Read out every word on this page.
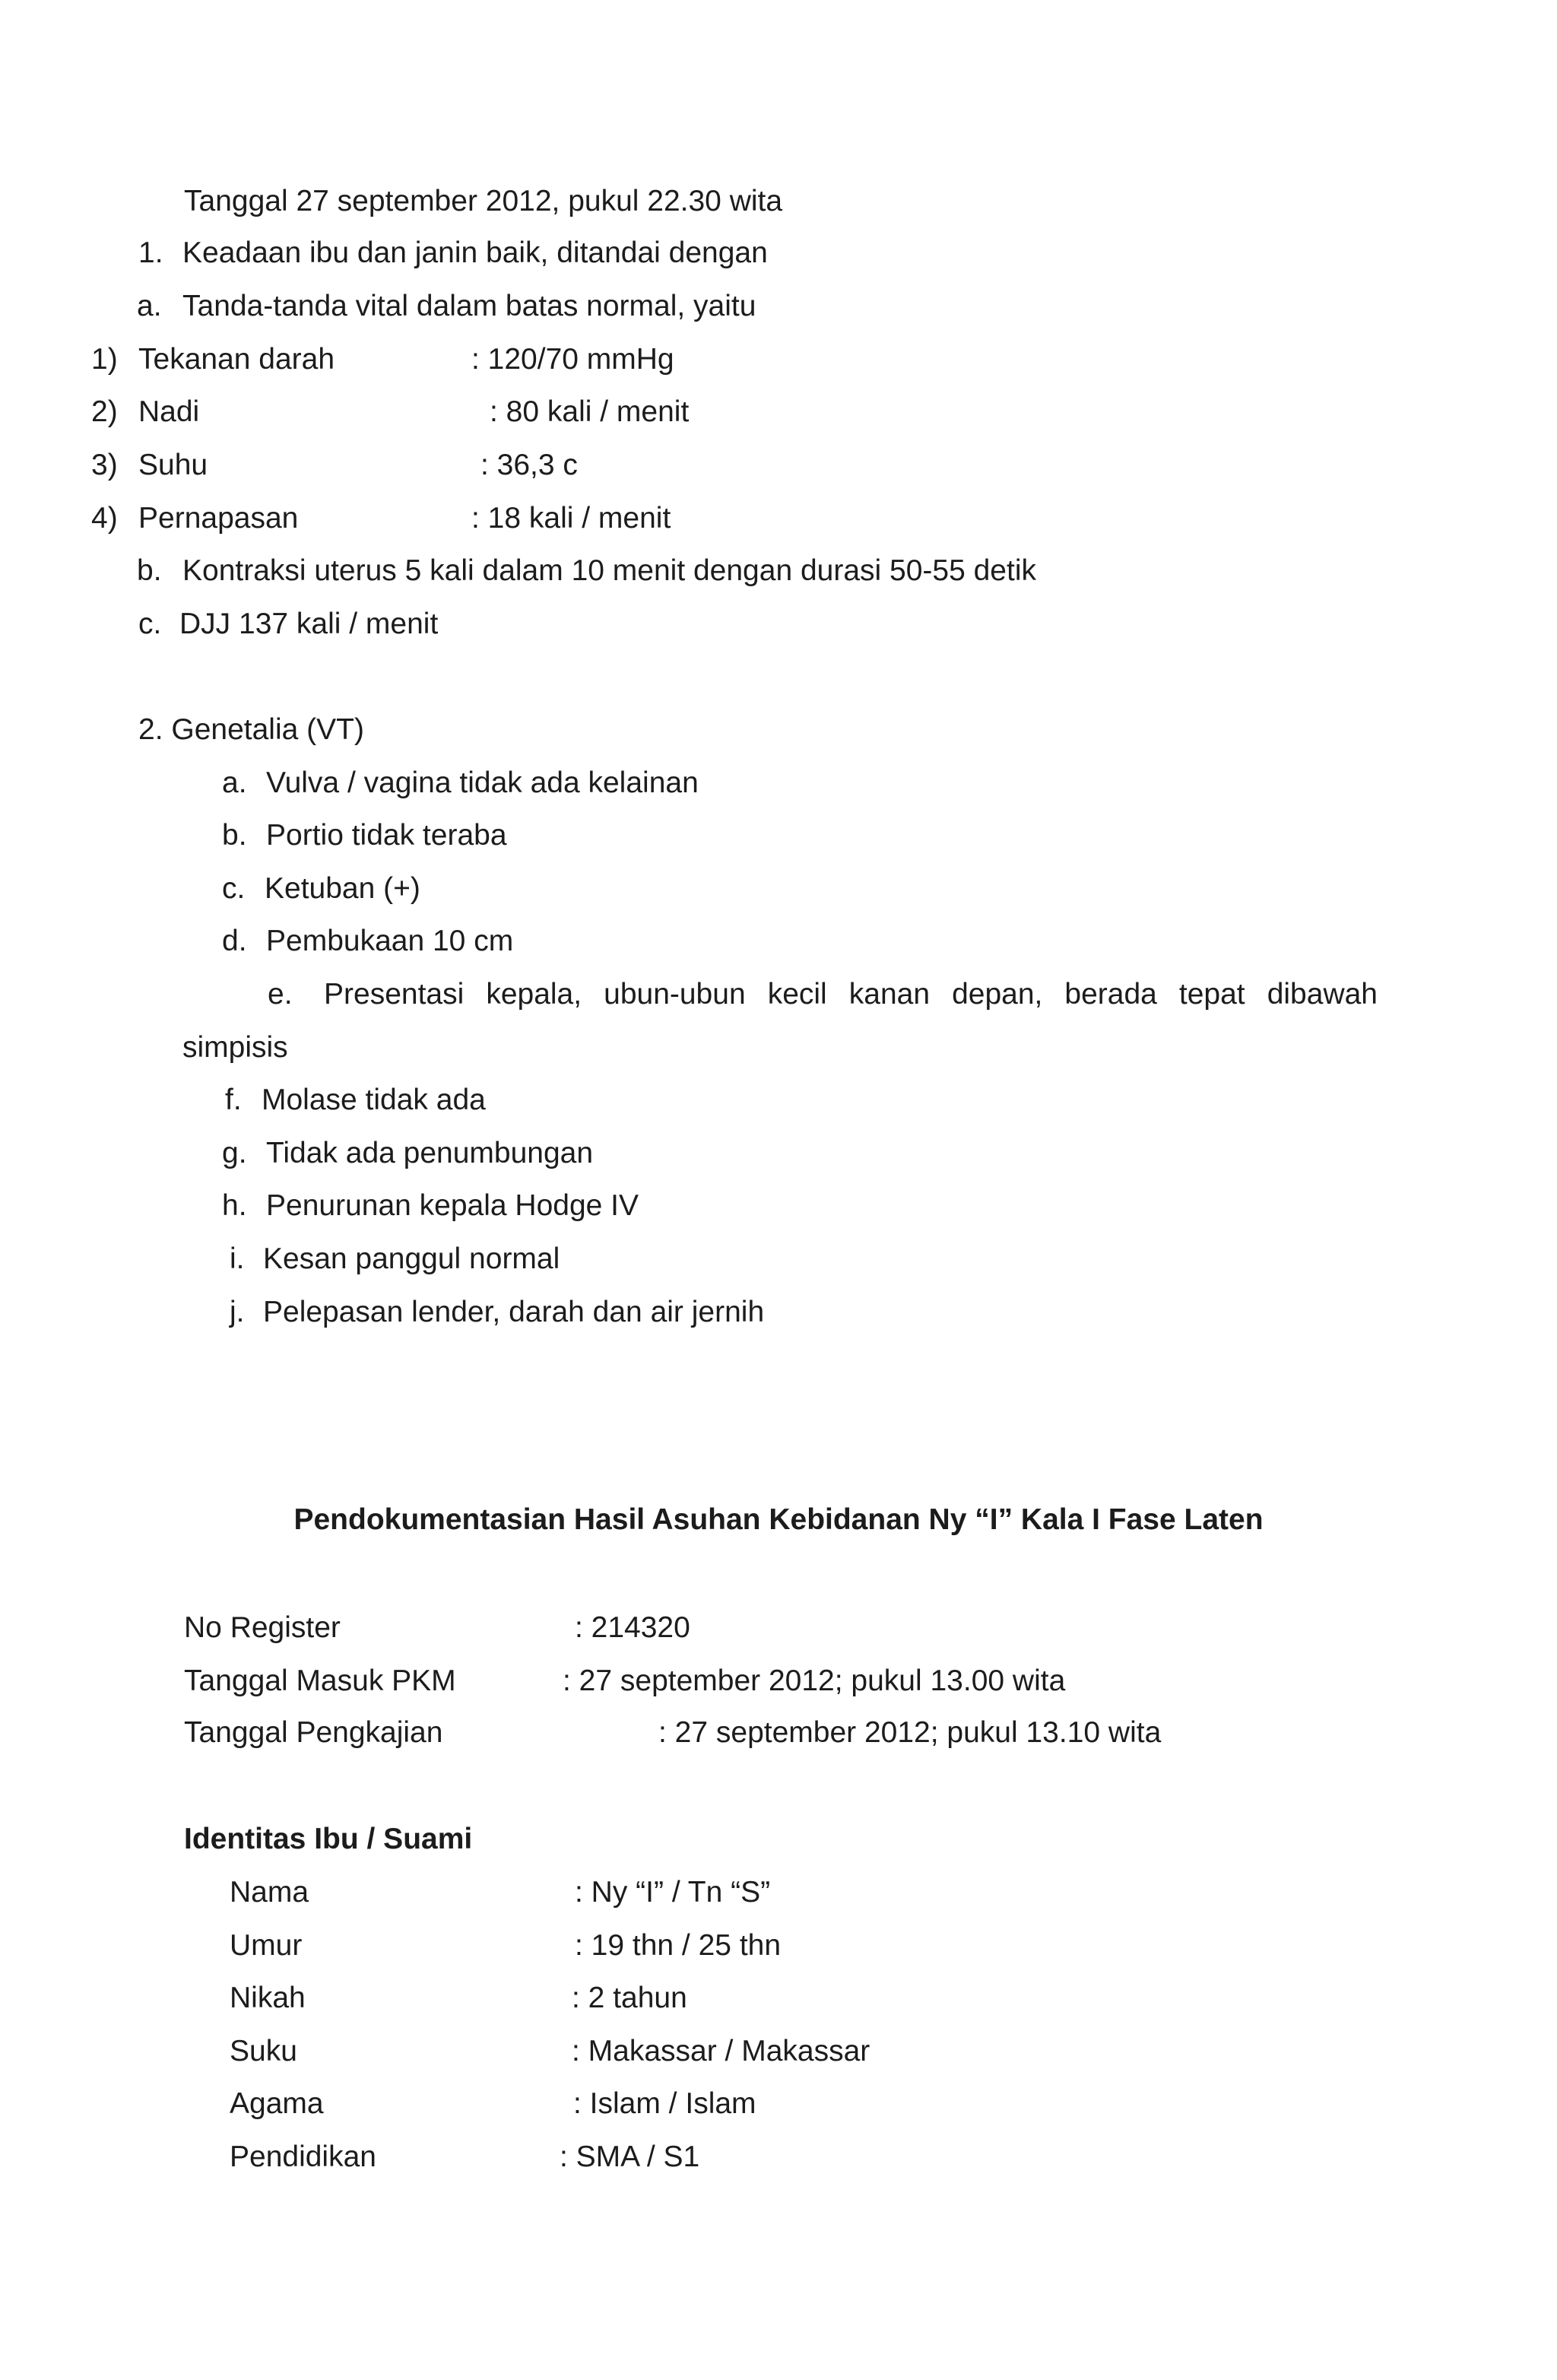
Tanggal 27 september 2012, pukul 22.30 wita
1. Keadaan ibu dan janin baik, ditandai dengan
a. Tanda-tanda vital dalam batas normal, yaitu
1) Tekanan darah	: 120/70 mmHg
2) Nadi	: 80 kali / menit
3) Suhu	: 36,3 c
4) Pernapasan	: 18 kali / menit
b. Kontraksi uterus 5 kali dalam 10 menit dengan durasi 50-55 detik
c. DJJ 137 kali / menit
2. Genetalia (VT)
a. Vulva / vagina tidak ada kelainan
b. Portio tidak teraba
c. Ketuban (+)
d. Pembukaan 10 cm
e. Presentasi kepala, ubun-ubun kecil kanan depan, berada tepat dibawah
simpisis
f. Molase tidak ada
g. Tidak ada penumbungan
h. Penurunan kepala Hodge IV
i. Kesan panggul normal
j. Pelepasan lender, darah dan air jernih
Pendokumentasian Hasil Asuhan Kebidanan Ny “I” Kala I Fase Laten
No Register	: 214320
Tanggal Masuk PKM	: 27 september 2012; pukul 13.00 wita
Tanggal Pengkajian	: 27 september 2012; pukul 13.10 wita
Identitas Ibu / Suami
Nama	: Ny “I” / Tn “S”
Umur	: 19 thn / 25 thn
Nikah	: 2 tahun
Suku	: Makassar / Makassar
Agama	: Islam / Islam
Pendidikan	: SMA / S1
